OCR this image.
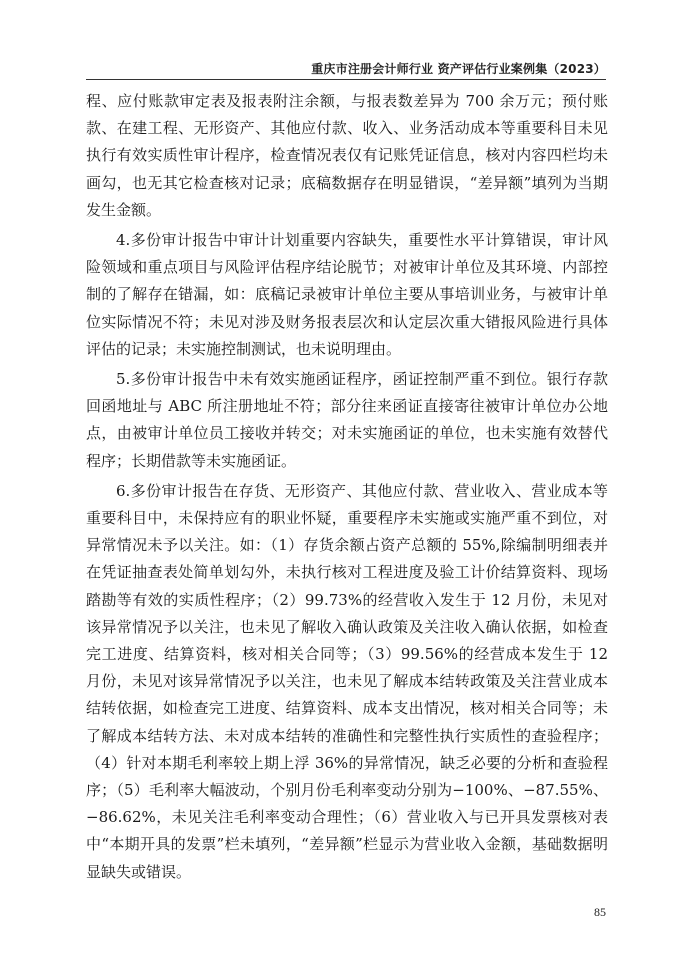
重庆市注册会计师行业 资产评估行业案例集（2023）

程、应付账款审定表及报表附注余额，与报表数差异为 700 余万元；预付账款、在建工程、无形资产、其他应付款、收入、业务活动成本等重要科目未见执行有效实质性审计程序，检查情况表仅有记账凭证信息，核对内容四栏均未画勾，也无其它检查核对记录；底稿数据存在明显错误，“差异额”填列为当期发生金额。

4.多份审计报告中审计计划重要内容缺失，重要性水平计算错误，审计风险领域和重点项目与风险评估程序结论脱节；对被审计单位及其环境、内部控制的了解存在错漏，如：底稿记录被审计单位主要从事培训业务，与被审计单位实际情况不符；未见对涉及财务报表层次和认定层次重大错报风险进行具体评估的记录；未实施控制测试，也未说明理由。

5.多份审计报告中未有效实施函证程序，函证控制严重不到位。银行存款回函地址与 ABC 所注册地址不符；部分往来函证直接寄往被审计单位办公地点，由被审计单位员工接收并转交；对未实施函证的单位，也未实施有效替代程序；长期借款等未实施函证。

6.多份审计报告在存货、无形资产、其他应付款、营业收入、营业成本等重要科目中，未保持应有的职业怀疑，重要程序未实施或实施严重不到位，对异常情况未予以关注。如：（1）存货余额占资产总额的 55%,除编制明细表并在凭证抽查表处简单划勾外，未执行核对工程进度及验工计价结算资料、现场踏勘等有效的实质性程序；（2）99.73%的经营收入发生于 12 月份，未见对该异常情况予以关注，也未见了解收入确认政策及关注收入确认依据，如检查完工进度、结算资料，核对相关合同等；（3）99.56%的经营成本发生于 12 月份，未见对该异常情况予以关注，也未见了解成本结转政策及关注营业成本结转依据，如检查完工进度、结算资料、成本支出情况，核对相关合同等；未了解成本结转方法、未对成本结转的准确性和完整性执行实质性的查验程序；（4）针对本期毛利率较上期上浮 36%的异常情况，缺乏必要的分析和查验程序；（5）毛利率大幅波动，个别月份毛利率变动分别为−100%、−87.55%、−86.62%，未见关注毛利率变动合理性；（6）营业收入与已开具发票核对表中“本期开具的发票”栏未填列，“差异额”栏显示为营业收入金额，基础数据明显缺失或错误。

85
